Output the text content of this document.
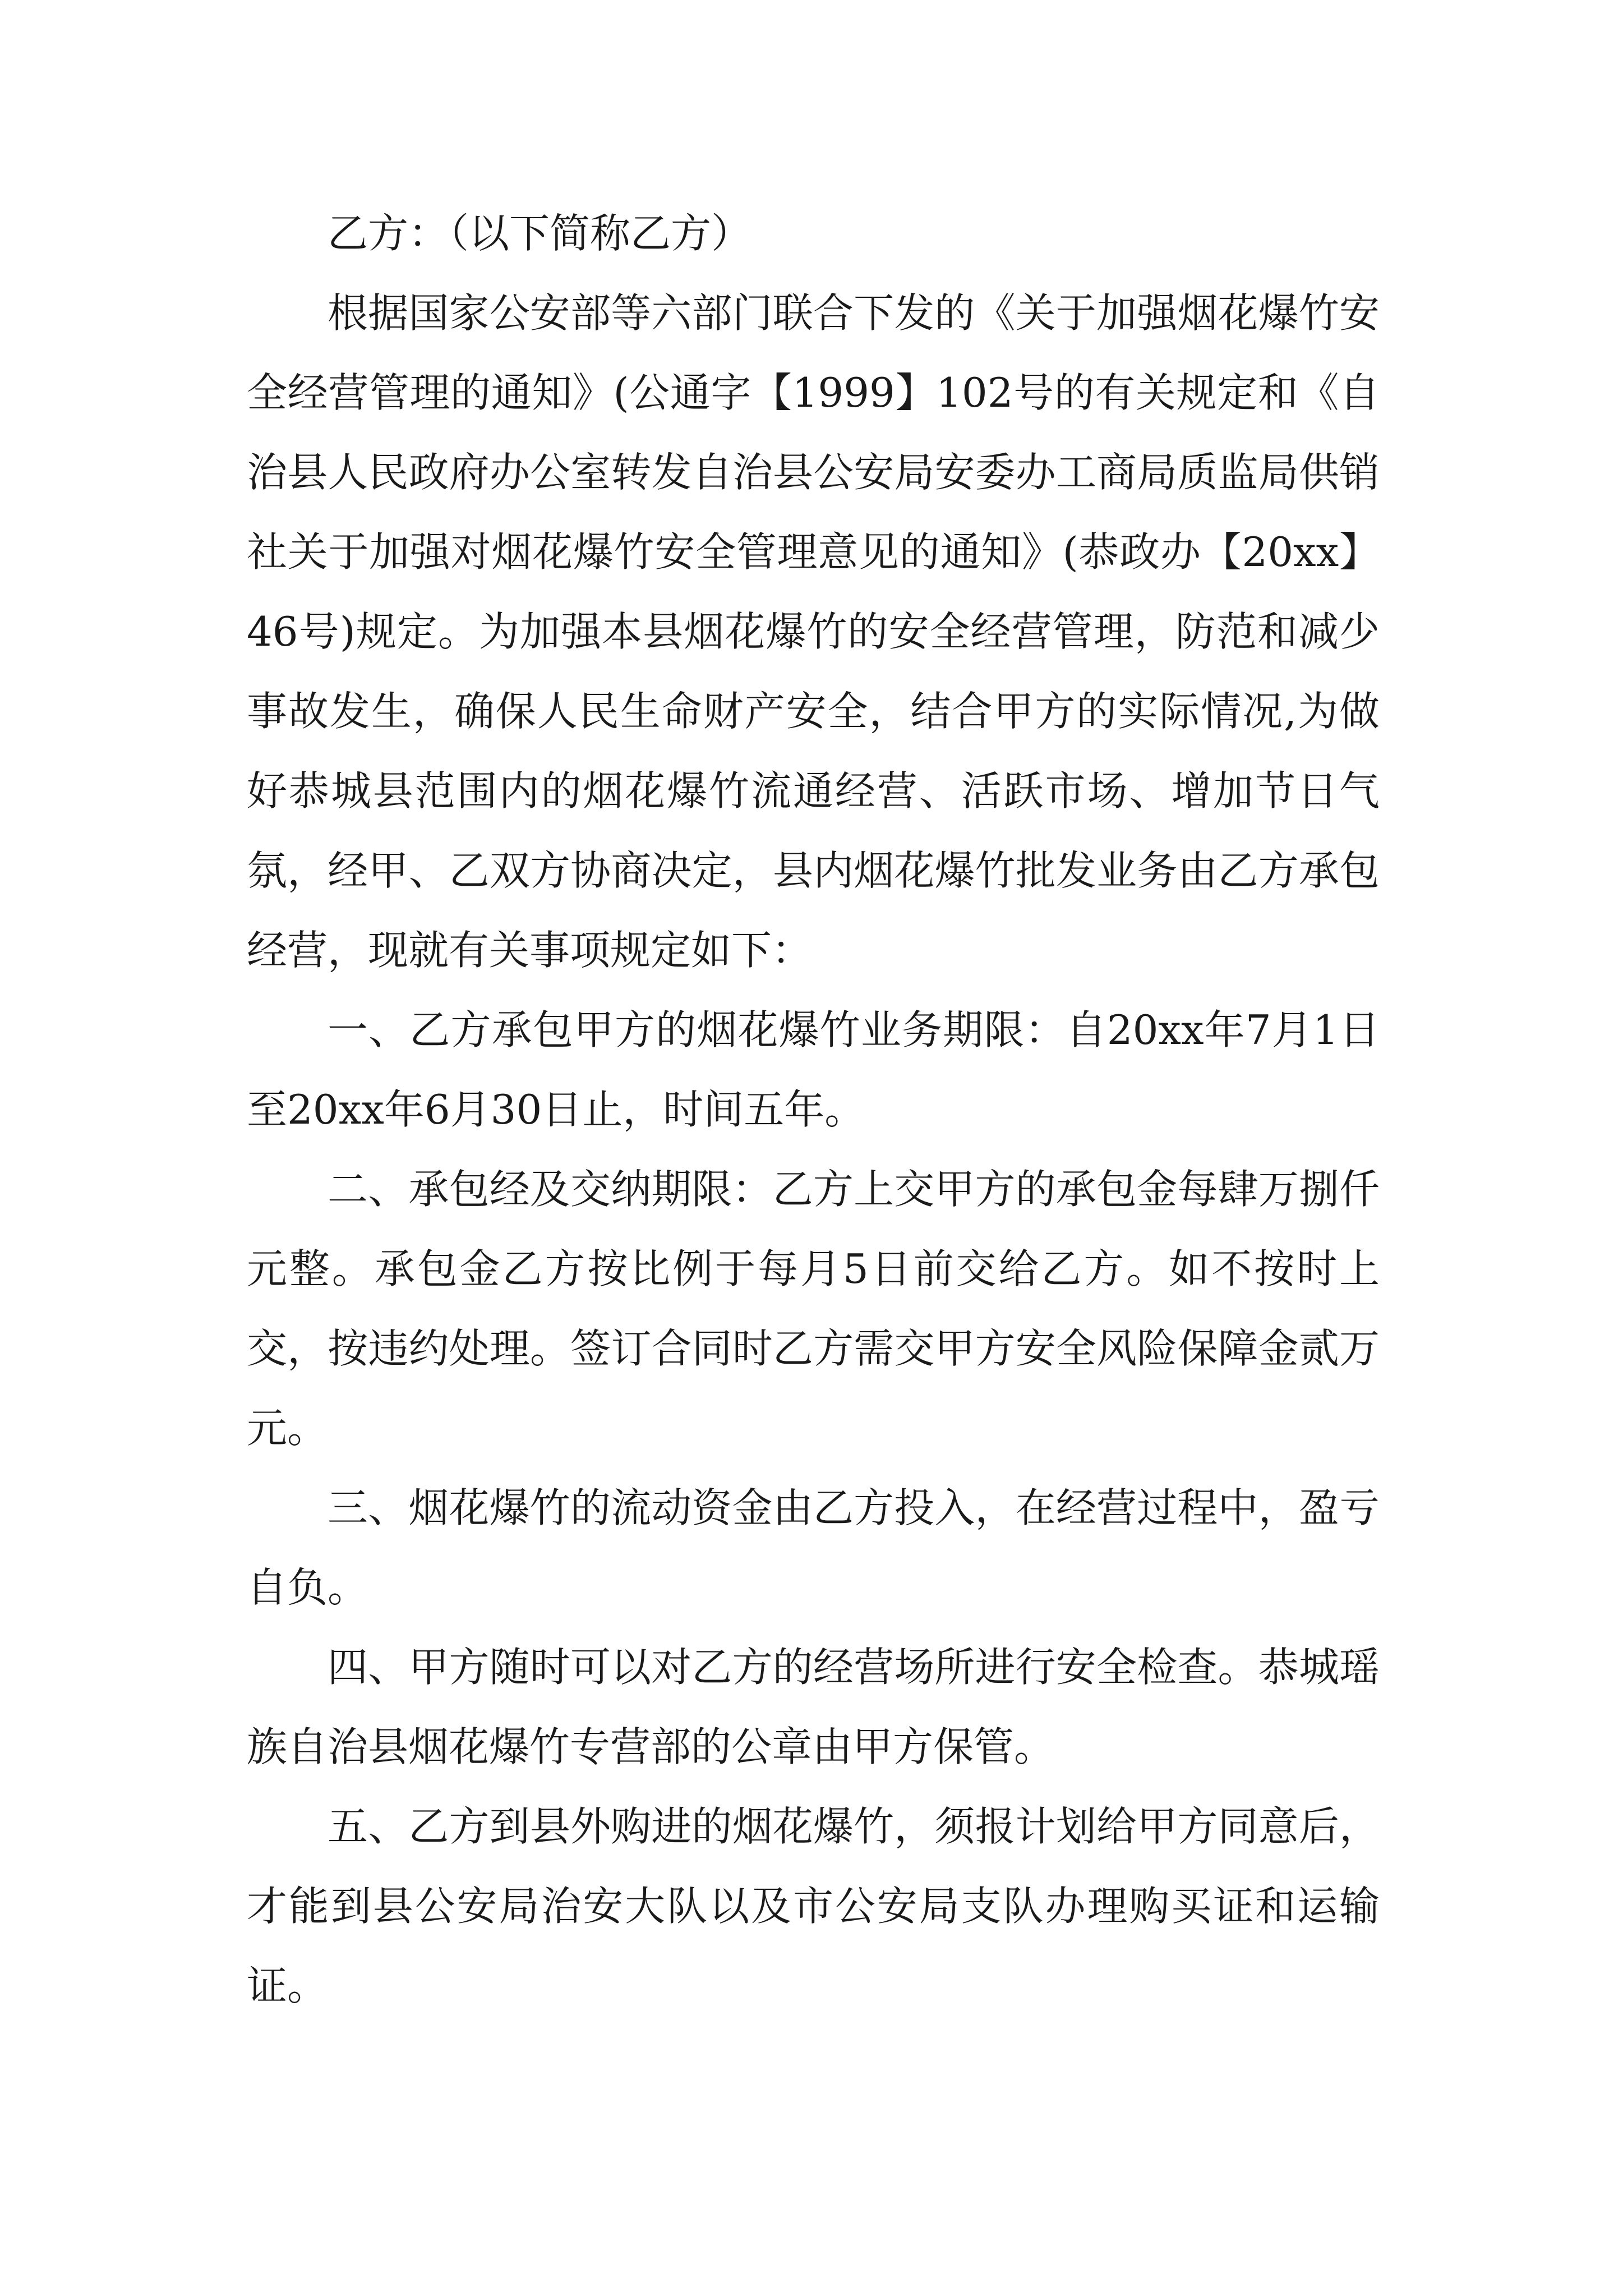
乙方：（以下简称乙方）

根据国家公安部等六部门联合下发的《关于加强烟花爆竹安全经营管理的通知》(公通字【1999】102号的有关规定和《自治县人民政府办公室转发自治县公安局安委办工商局质监局供销社关于加强对烟花爆竹安全管理意见的通知》(恭政办【20xx】46号)规定。为加强本县烟花爆竹的安全经营管理，防范和减少事故发生，确保人民生命财产安全，结合甲方的实际情况,为做好恭城县范围内的烟花爆竹流通经营、活跃市场、增加节日气氛，经甲、乙双方协商决定，县内烟花爆竹批发业务由乙方承包经营，现就有关事项规定如下：

一、乙方承包甲方的烟花爆竹业务期限：自20xx年7月1日至20xx年6月30日止，时间五年。

二、承包经及交纳期限：乙方上交甲方的承包金每肆万捌仟元整。承包金乙方按比例于每月5日前交给乙方。如不按时上交，按违约处理。签订合同时乙方需交甲方安全风险保障金贰万元。

三、烟花爆竹的流动资金由乙方投入，在经营过程中，盈亏自负。

四、甲方随时可以对乙方的经营场所进行安全检查。恭城瑶族自治县烟花爆竹专营部的公章由甲方保管。

五、乙方到县外购进的烟花爆竹，须报计划给甲方同意后，才能到县公安局治安大队以及市公安局支队办理购买证和运输证。
